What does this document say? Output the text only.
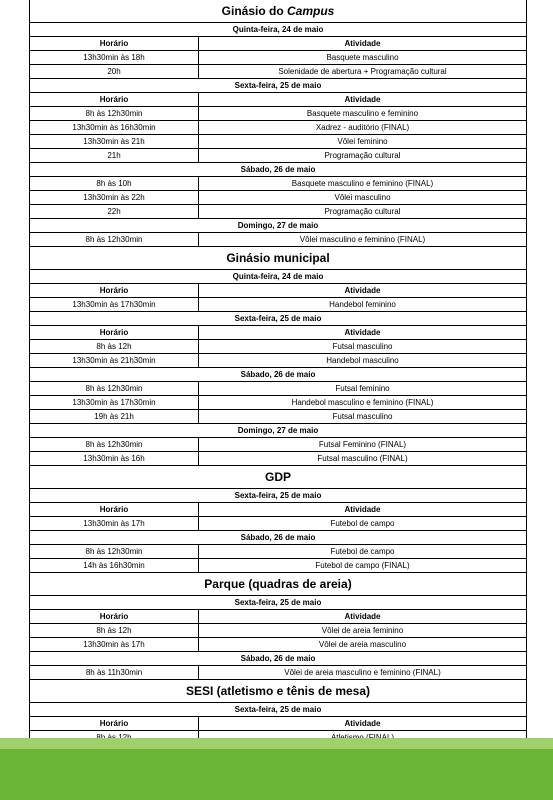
Ginásio do Campus
Quinta-feira, 24 de maio
Horário	Atividade
13h30min às 18h	Basquete masculino
20h	Solenidade de abertura + Programação cultural
Sexta-feira, 25 de maio
Horário	Atividade
8h às 12h30min	Basquete masculino e feminino
13h30min às 16h30min	Xadrez - auditório (FINAL)
13h30min às 21h	Vôlei feminino
21h	Programação cultural
Sábado, 26 de maio
8h às 10h	Basquete masculino e feminino (FINAL)
13h30min às 22h	Vôlei masculino
22h	Programação cultural
Domingo, 27 de maio
8h às 12h30min	Vôlei masculino e feminino (FINAL)
Ginásio municipal
Quinta-feira, 24 de maio
Horário	Atividade
13h30min às 17h30min	Handebol feminino
Sexta-feira, 25 de maio
Horário	Atividade
8h às 12h	Futsal masculino
13h30min às 21h30min	Handebol masculino
Sábado, 26 de maio
8h às 12h30min	Futsal feminino
13h30min às 17h30min	Handebol masculino e feminino (FINAL)
19h às 21h	Futsal masculino
Domingo, 27 de maio
8h às 12h30min	Futsal Feminino (FINAL)
13h30min às 16h	Futsal masculino (FINAL)
GDP
Sexta-feira, 25 de maio
Horário	Atividade
13h30min às 17h	Futebol de campo
Sábado, 26 de maio
8h às 12h30min	Futebol de campo
14h às 16h30min	Futebol de campo (FINAL)
Parque (quadras de areia)
Sexta-feira, 25 de maio
Horário	Atividade
8h às 12h	Vôlei de areia feminino
13h30min às 17h	Vôlei de areia masculino
Sábado, 26 de maio
8h às 11h30min	Vôlei de areia masculino e feminino (FINAL)
SESI (atletismo e tênis de mesa)
Sexta-feira, 25 de maio
Horário	Atividade
